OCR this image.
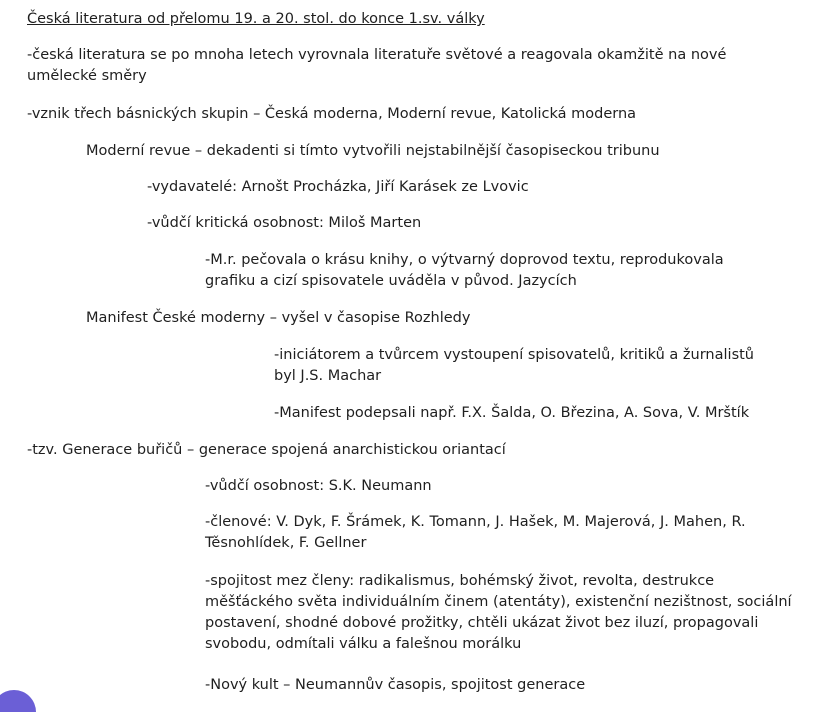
Česká literatura od přelomu 19. a 20. stol. do konce 1.sv. války

-česká literatura se po mnoha letech vyrovnala literatuře světové a reagovala okamžitě na nové umělecké směry

-vznik třech básnických skupin – Česká moderna, Moderní revue, Katolická moderna

Moderní revue – dekadenti si tímto vytvořili nejstabilnější časopiseckou tribunu

-vydavatelé: Arnošt Procházka, Jiří Karásek ze Lvovic

-vůdčí kritická osobnost: Miloš Marten

-M.r. pečovala o krásu knihy, o výtvarný doprovod textu, reprodukovala
grafiku a cizí spisovatele uváděla v původ. Jazycích

Manifest České moderny – vyšel v časopise Rozhledy

-iniciátorem a tvůrcem vystoupení spisovatelů, kritiků a žurnalistů
byl J.S. Machar

-Manifest podepsali např. F.X. Šalda, O. Březina, A. Sova, V. Mrštík

-tzv. Generace buřičů – generace spojená anarchistickou oriantací

-vůdčí osobnost: S.K. Neumann

-členové: V. Dyk, F. Šrámek, K. Tomann, J. Hašek, M. Majerová, J. Mahen, R. Těsnohlídek, F. Gellner

-spojitost mez členy: radikalismus, bohémský život, revolta, destrukce měšťáckého světa individuálním činem (atentáty), existenční nezištnost, sociální postavení, shodné dobové prožitky, chtěli ukázat život bez iluzí, propagovali svobodu, odmítali válku a falešnou morálku

-Nový kult – Neumannův časopis, spojitost generace
